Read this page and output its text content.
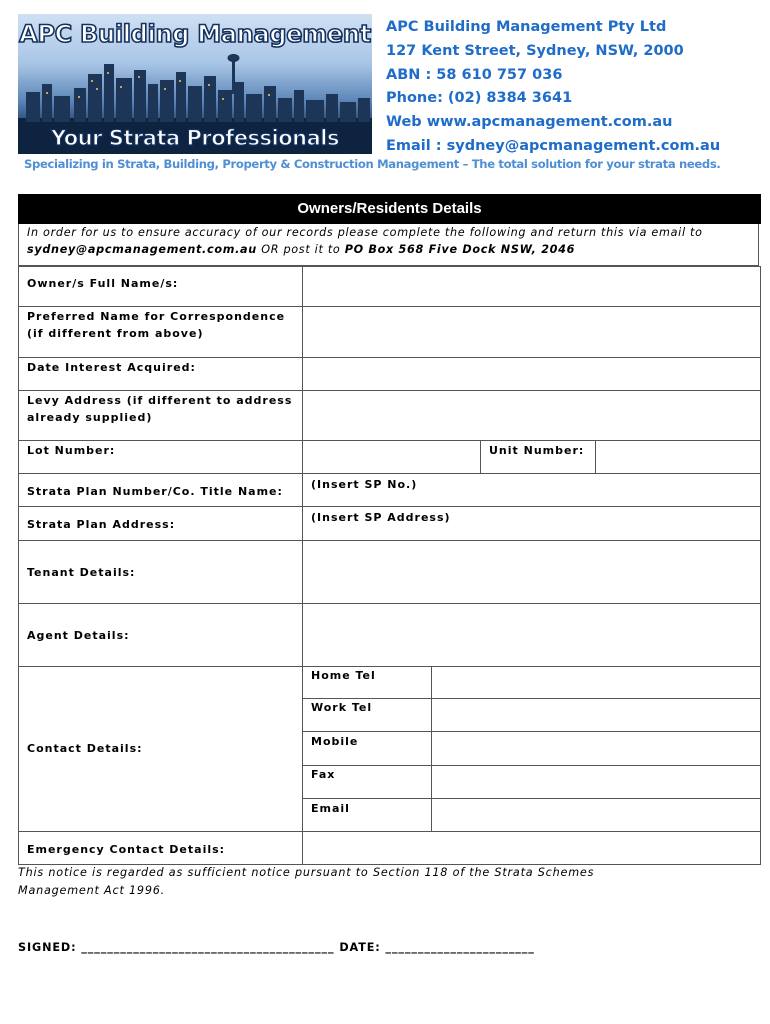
APC Building Management
Your Strata Professionals
APC Building Management Pty Ltd
127 Kent Street, Sydney, NSW, 2000
ABN : 58 610 757 036
Phone: (02) 8384 3641
Web www.apcmanagement.com.au
Email : sydney@apcmanagement.com.au
Specializing in Strata, Building, Property & Construction Management – The total solution for your strata needs.
Owners/Residents Details
In order for us to ensure accuracy of our records please complete the following and return this via email to
sydney@apcmanagement.com.au OR post it to PO Box 568 Five Dock NSW, 2046
Owner/s Full Name/s:
Preferred Name for Correspondence
(if different from above)
Date Interest Acquired:
Levy Address (if different to address
already supplied)
Lot Number:	Unit Number:
Strata Plan Number/Co. Title Name:
(Insert SP No.)
Strata Plan Address:
(Insert SP Address)
Tenant Details:
Agent Details:
Contact Details:
Home Tel
Work Tel
Mobile
Fax
Email
Emergency Contact Details:
This notice is regarded as sufficient notice pursuant to Section 118 of the Strata Schemes
Management Act 1996.
SIGNED: _______________________________________ DATE: _______________________
